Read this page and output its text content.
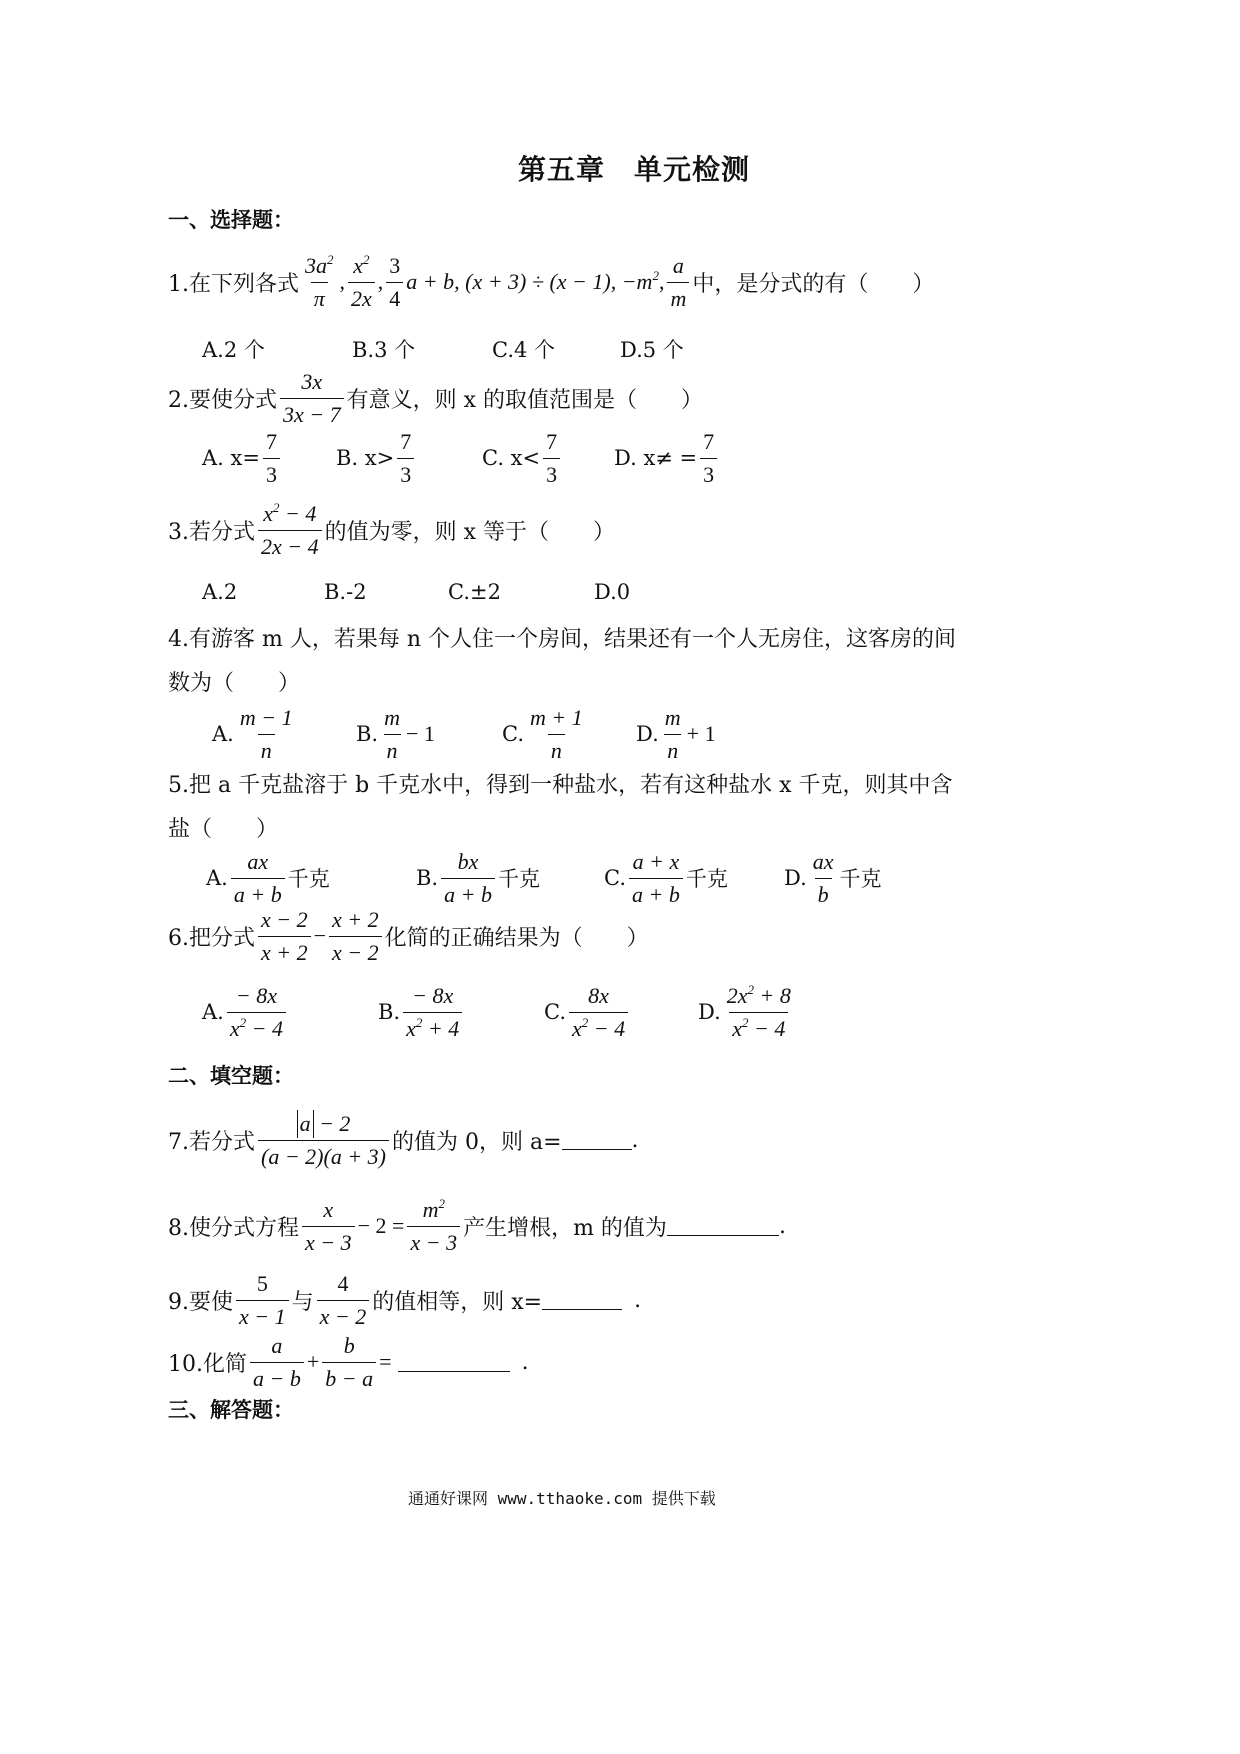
第五章　单元检测
一、选择题：
1.在下列各式 $\frac{3a^2}{\pi}$ , $\frac{x^2}{2x}$ , $\frac{3}{4}$ a + b, (x + 3) ÷ (x − 1), $-m^2$ , $\frac{a}{m}$ 中，是分式的有（　　）
A.2 个	B.3 个	C.4 个	D.5 个
2.要使分式 $\frac{3x}{3x - 7}$ 有意义，则 x 的取值范围是（　　）
A. $x= \frac{7}{3}$	B. $x> \frac{7}{3}$	C. $x< \frac{7}{3}$	D. $x\ne = \frac{7}{3}$
3.若分式 $\frac{x^2 - 4}{2x - 4}$ 的值为零，则 x 等于（　　）
A.2	B.-2	C.±2	D.0
4.有游客 m 人，若果每 n 个人住一个房间，结果还有一个人无房住，这客房的间
数为（　　）
A. $\frac{m - 1}{n}$	B. $\frac{m}{n} - 1$	C. $\frac{m + 1}{n} D$. $\frac{m}{n} + 1$
5.把 a 千克盐溶于 b 千克水中，得到一种盐水，若有这种盐水 x 千克，则其中含
盐（　　）
A. $\frac{ax}{a + b}$ 千克	B. $\frac{bx}{a + b}$ 千克	C. $\frac{a + x}{a + b}$ 千克	D. $\frac{ax}{b}$ 千克
6.把分式 $\frac{x - 2}{x + 2} - \frac{x + 2}{x - 2}$ 化简的正确结果为（　　）
A. $\frac{- 8x}{x^2 - 4}$	B. $\frac{- 8x}{x^2 + 4}$	C. $\frac{8x}{x^2 - 4}$	D. $\frac{2x^2 + 8}{x^2 - 4}$
二、填空题：
7.若分式 $\frac{a - 2}{(a - 2)(a + 3)}$ 的值为 0，则 a=	.
8.使分式方程 $\frac{x}{x - 3} - 2 = \frac{m^2}{x - 3}$ 产生增根，m 的值为	.
9.要使 $\frac{5}{x - 1}$ 与 $\frac{4}{x - 2}$ 的值相等，则 x=	.
10.化简 $\frac{a}{a - b} + \frac{b}{b - a}$ =	.
三、解答题：
通通好课网 www.tthaoke.com 提供下载
